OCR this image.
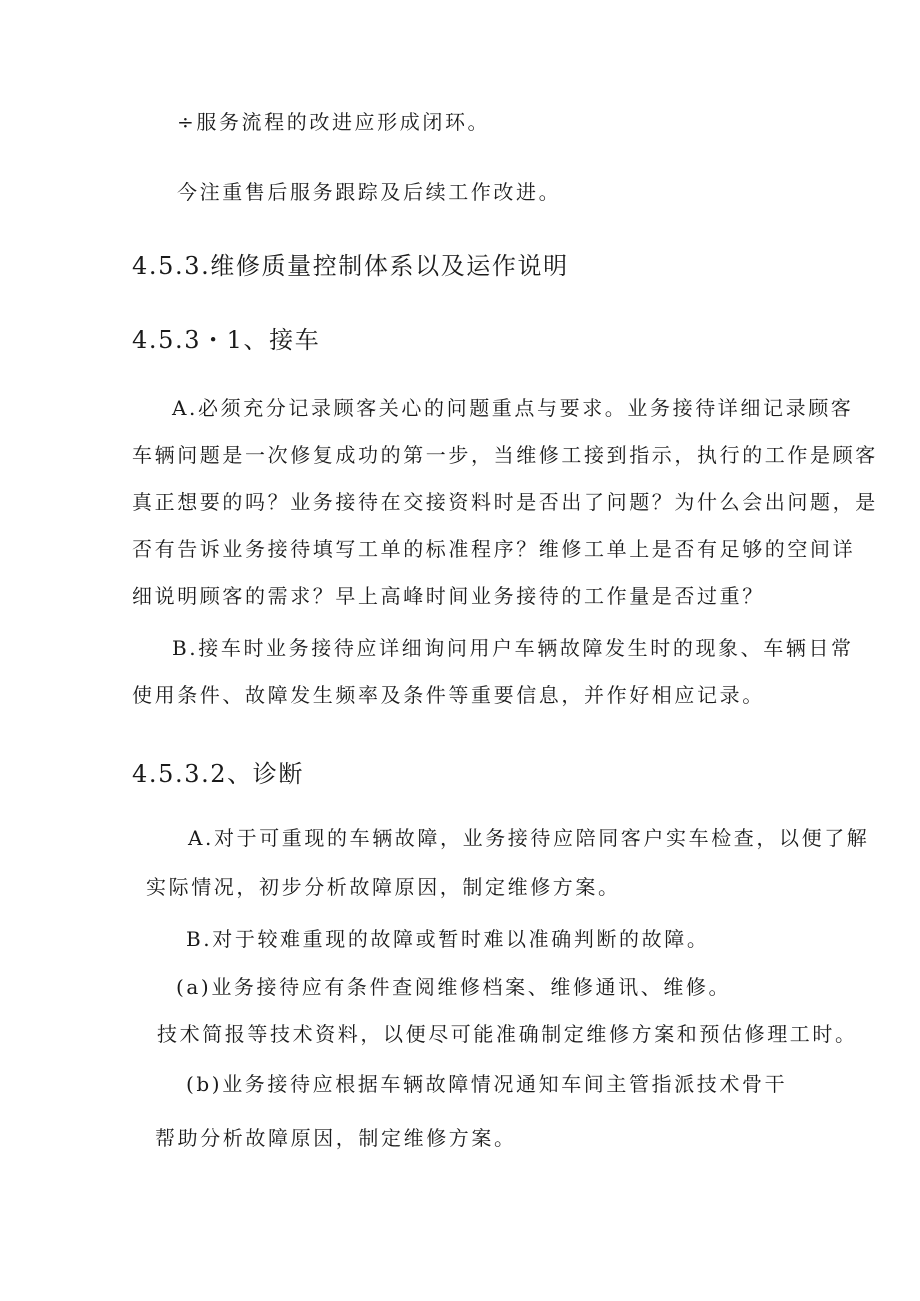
÷服务流程的改进应形成闭环。
今注重售后服务跟踪及后续工作改进。
4.5.3.维修质量控制体系以及运作说明
4.5.3・1、接车
A.必须充分记录顾客关心的问题重点与要求。业务接待详细记录顾客
车辆问题是一次修复成功的第一步，当维修工接到指示，执行的工作是顾客
真正想要的吗？业务接待在交接资料时是否出了问题？为什么会出问题，是
否有告诉业务接待填写工单的标准程序？维修工单上是否有足够的空间详
细说明顾客的需求？早上高峰时间业务接待的工作量是否过重？
B.接车时业务接待应详细询问用户车辆故障发生时的现象、车辆日常
使用条件、故障发生频率及条件等重要信息，并作好相应记录。
4.5.3.2、诊断
A.对于可重现的车辆故障，业务接待应陪同客户实车检查，以便了解
实际情况，初步分析故障原因，制定维修方案。
B.对于较难重现的故障或暂时难以准确判断的故障。
(a)业务接待应有条件查阅维修档案、维修通讯、维修。
技术简报等技术资料，以便尽可能准确制定维修方案和预估修理工时。
(b)业务接待应根据车辆故障情况通知车间主管指派技术骨干
帮助分析故障原因，制定维修方案。
